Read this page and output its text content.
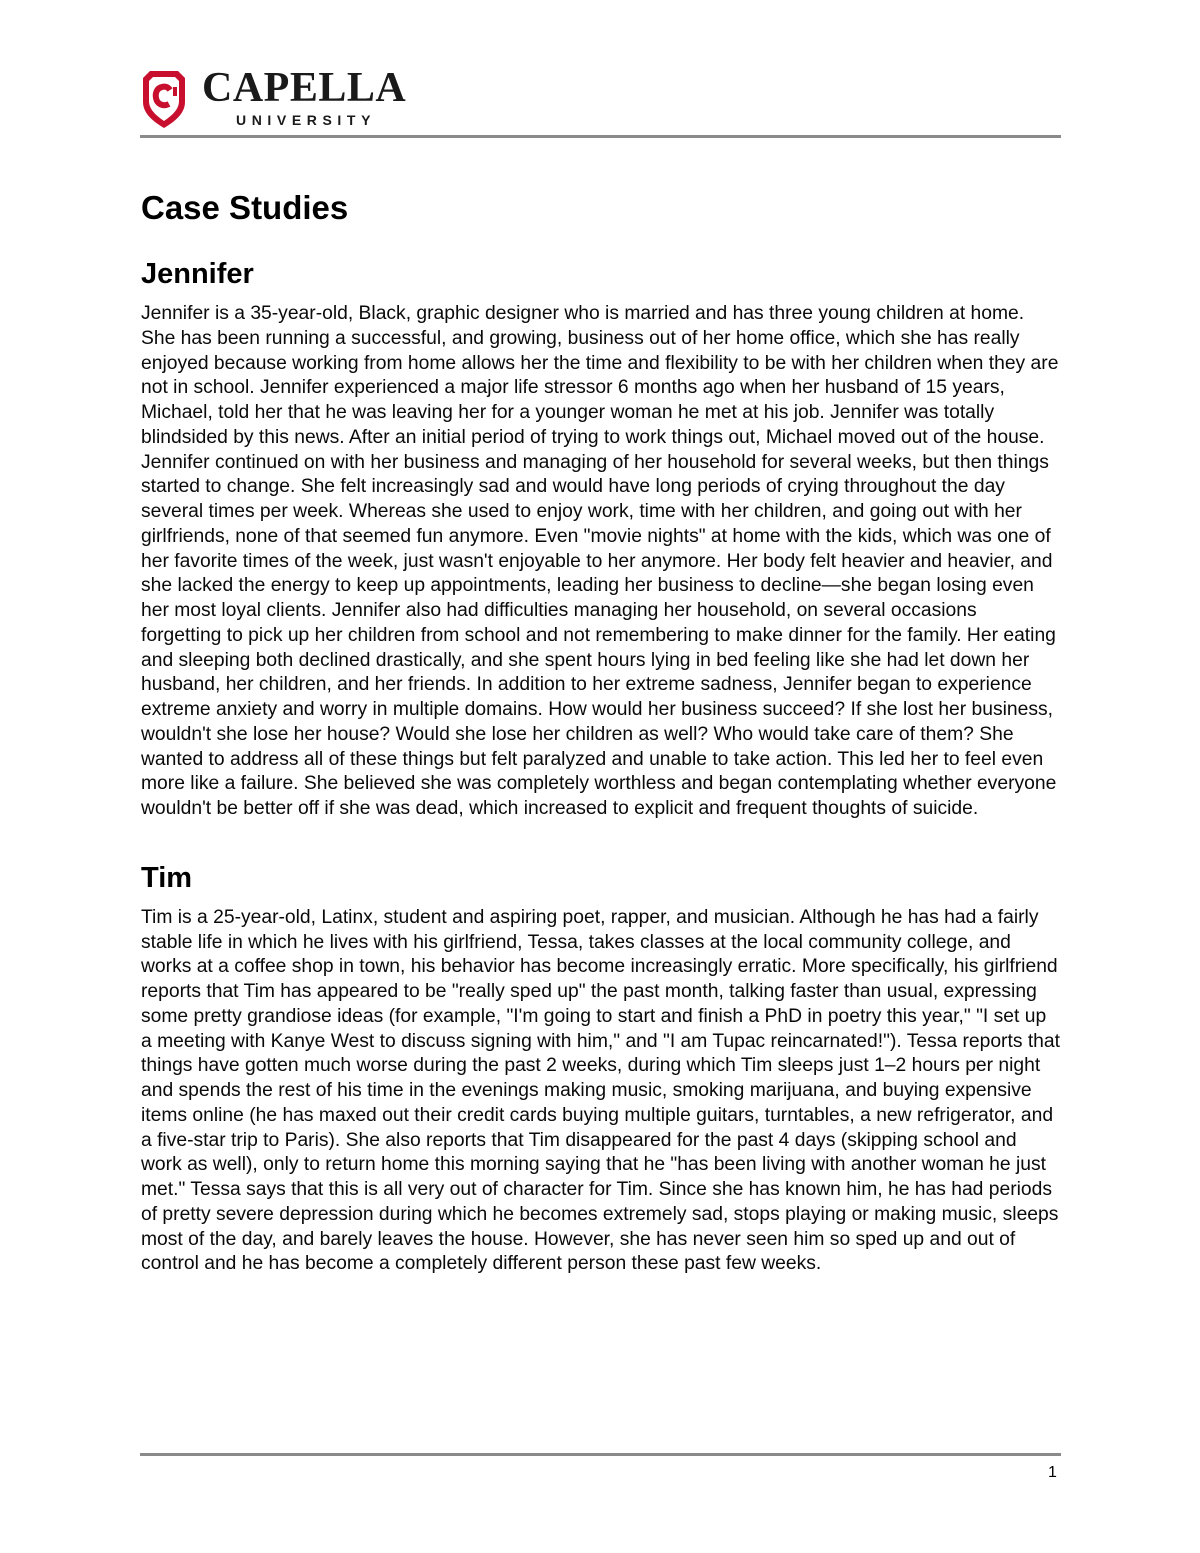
CAPELLA
UNIVERSITY
Case Studies
Jennifer

Jennifer is a 35-year-old, Black, graphic designer who is married and has three young children at home. She has been running a successful, and growing, business out of her home office, which she has really enjoyed because working from home allows her the time and flexibility to be with her children when they are not in school. Jennifer experienced a major life stressor 6 months ago when her husband of 15 years, Michael, told her that he was leaving her for a younger woman he met at his job. Jennifer was totally blindsided by this news. After an initial period of trying to work things out, Michael moved out of the house. Jennifer continued on with her business and managing of her household for several weeks, but then things started to change. She felt increasingly sad and would have long periods of crying throughout the day several times per week. Whereas she used to enjoy work, time with her children, and going out with her girlfriends, none of that seemed fun anymore. Even "movie nights" at home with the kids, which was one of her favorite times of the week, just wasn't enjoyable to her anymore. Her body felt heavier and heavier, and she lacked the energy to keep up appointments, leading her business to decline—she began losing even her most loyal clients. Jennifer also had difficulties managing her household, on several occasions forgetting to pick up her children from school and not remembering to make dinner for the family. Her eating and sleeping both declined drastically, and she spent hours lying in bed feeling like she had let down her husband, her children, and her friends. In addition to her extreme sadness, Jennifer began to experience extreme anxiety and worry in multiple domains. How would her business succeed? If she lost her business, wouldn't she lose her house? Would she lose her children as well? Who would take care of them? She wanted to address all of these things but felt paralyzed and unable to take action. This led her to feel even more like a failure. She believed she was completely worthless and began contemplating whether everyone wouldn't be better off if she was dead, which increased to explicit and frequent thoughts of suicide.

Tim

Tim is a 25-year-old, Latinx, student and aspiring poet, rapper, and musician. Although he has had a fairly stable life in which he lives with his girlfriend, Tessa, takes classes at the local community college, and works at a coffee shop in town, his behavior has become increasingly erratic. More specifically, his girlfriend reports that Tim has appeared to be "really sped up" the past month, talking faster than usual, expressing some pretty grandiose ideas (for example, "I'm going to start and finish a PhD in poetry this year," "I set up a meeting with Kanye West to discuss signing with him," and "I am Tupac reincarnated!"). Tessa reports that things have gotten much worse during the past 2 weeks, during which Tim sleeps just 1–2 hours per night and spends the rest of his time in the evenings making music, smoking marijuana, and buying expensive items online (he has maxed out their credit cards buying multiple guitars, turntables, a new refrigerator, and a five-star trip to Paris). She also reports that Tim disappeared for the past 4 days (skipping school and work as well), only to return home this morning saying that he "has been living with another woman he just met." Tessa says that this is all very out of character for Tim. Since she has known him, he has had periods of pretty severe depression during which he becomes extremely sad, stops playing or making music, sleeps most of the day, and barely leaves the house. However, she has never seen him so sped up and out of control and he has become a completely different person these past few weeks.

1
